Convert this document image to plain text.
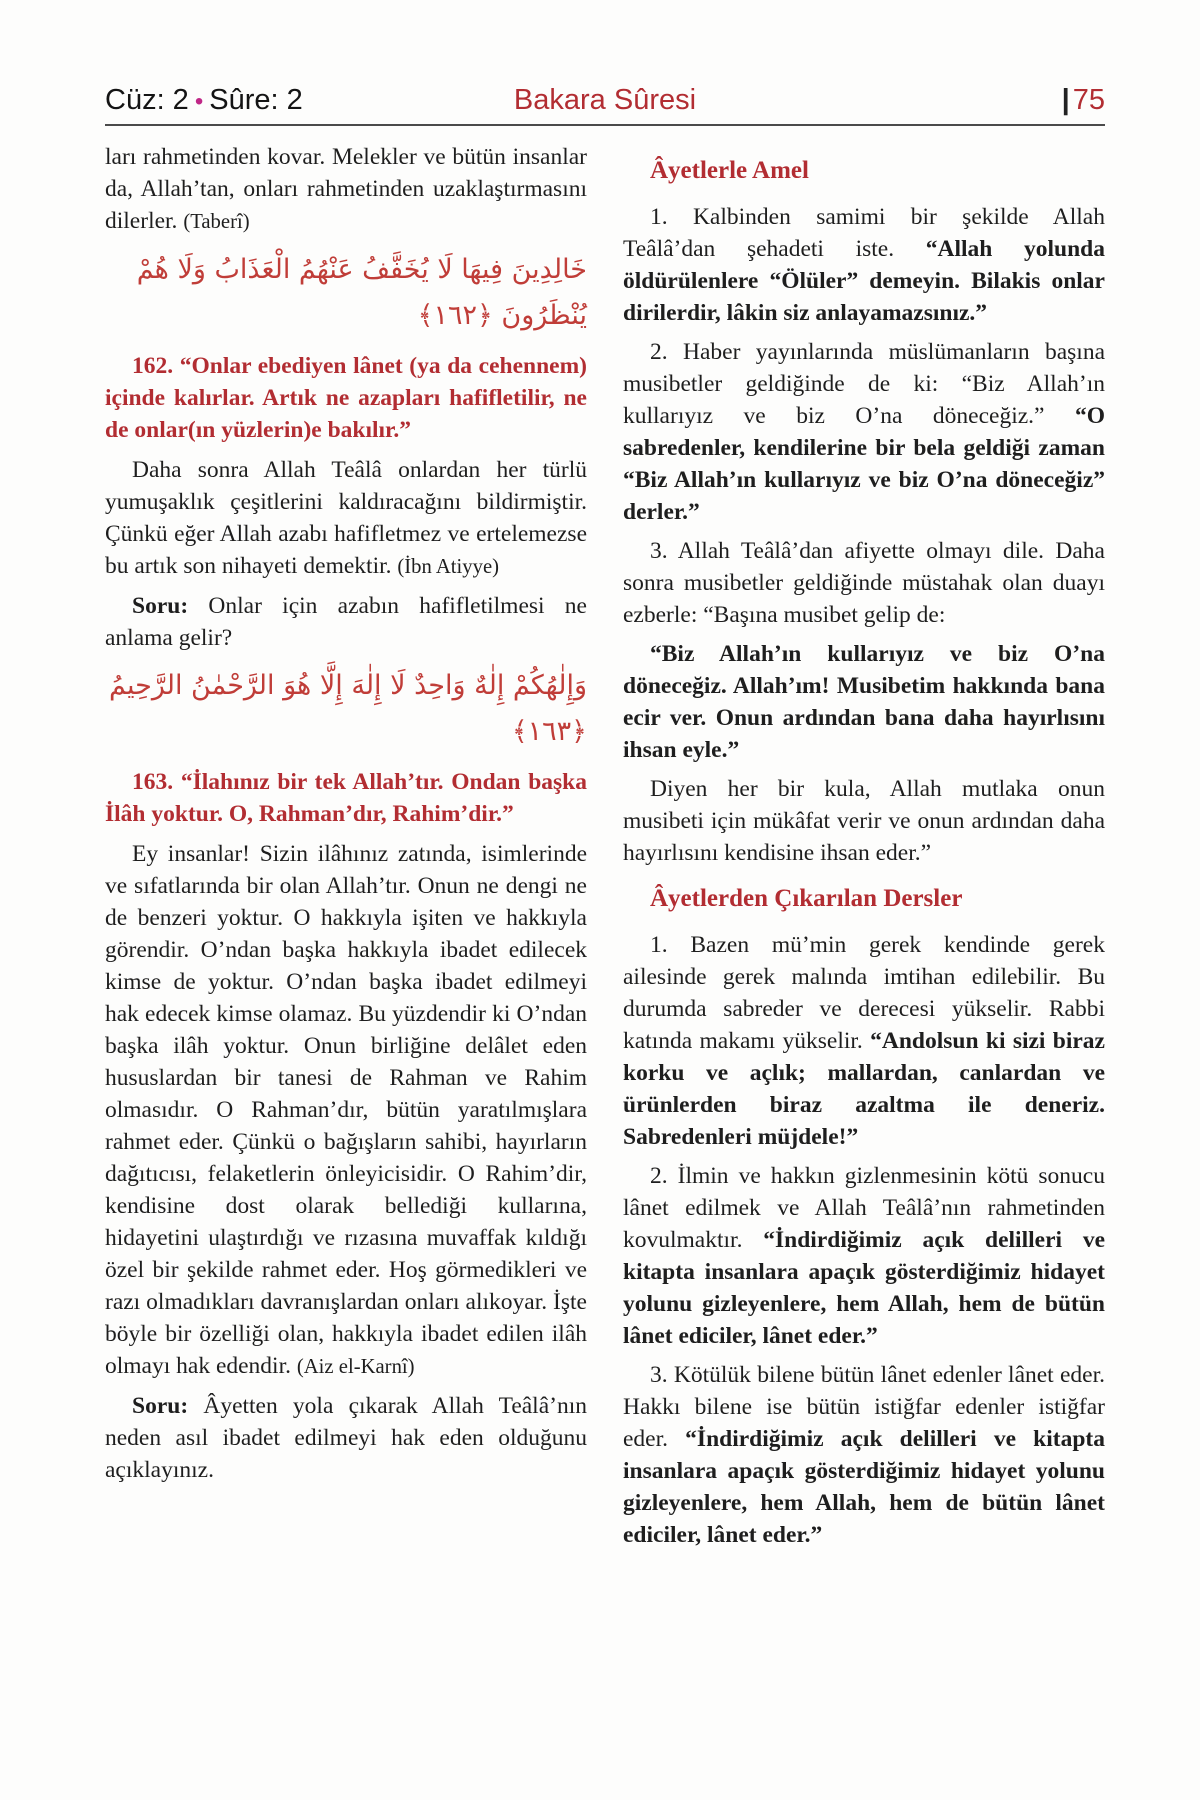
Cüz: 2 • Sûre: 2	Bakara Sûresi	| 75

ları rahmetinden kovar. Melekler ve bütün insanlar da, Allah’tan, onları rahmetinden uzaklaştırmasını dilerler. (Taberî)

خَالِدِينَ فِيهَا لَا يُخَفَّفُ عَنْهُمُ الْعَذَابُ وَلَا هُمْ يُنْظَرُونَ ﴿١٦٢﴾

162. “Onlar ebediyen lânet (ya da cehennem) içinde kalırlar. Artık ne azapları hafifletilir, ne de onlar(ın yüzlerin)e bakılır.”

Daha sonra Allah Teâlâ onlardan her türlü yumuşaklık çeşitlerini kaldıracağını bildirmiştir. Çünkü eğer Allah azabı hafifletmez ve ertelemezse bu artık son nihayeti demektir. (İbn Atiyye)

Soru: Onlar için azabın hafifletilmesi ne anlama gelir?

وَإِلٰهُكُمْ إِلٰهٌ وَاحِدٌ لَا إِلٰهَ إِلَّا هُوَ الرَّحْمٰنُ الرَّحِيمُ ﴿١٦٣﴾

163. “İlahınız bir tek Allah’tır. Ondan başka İlâh yoktur. O, Rahman’dır, Rahim’dir.”

Ey insanlar! Sizin ilâhınız zatında, isimlerinde ve sıfatlarında bir olan Allah’tır. Onun ne dengi ne de benzeri yoktur. O hakkıyla işiten ve hakkıyla görendir. O’ndan başka hakkıyla ibadet edilecek kimse de yoktur. O’ndan başka ibadet edilmeyi hak edecek kimse olamaz. Bu yüzdendir ki O’ndan başka ilâh yoktur. Onun birliğine delâlet eden hususlardan bir tanesi de Rahman ve Rahim olmasıdır. O Rahman’dır, bütün yaratılmışlara rahmet eder. Çünkü o bağışların sahibi, hayırların dağıtıcısı, felaketlerin önleyicisidir. O Rahim’dir, kendisine dost olarak bellediği kullarına, hidayetini ulaştırdığı ve rızasına muvaffak kıldığı özel bir şekilde rahmet eder. Hoş görmedikleri ve razı olmadıkları davranışlardan onları alıkoyar. İşte böyle bir özelliği olan, hakkıyla ibadet edilen ilâh olmayı hak edendir. (Aiz el-Karnî)

Soru: Âyetten yola çıkarak Allah Teâlâ’nın neden asıl ibadet edilmeyi hak eden olduğunu açıklayınız.

Âyetlerle Amel

1. Kalbinden samimi bir şekilde Allah Teâlâ’dan şehadeti iste. “Allah yolunda öldürülenlere “Ölüler” demeyin. Bilakis onlar dirilerdir, lâkin siz anlayamazsınız.”

2. Haber yayınlarında müslümanların başına musibetler geldiğinde de ki: “Biz Allah’ın kullarıyız ve biz O’na döneceğiz.” “O sabredenler, kendilerine bir bela geldiği zaman “Biz Allah’ın kullarıyız ve biz O’na döneceğiz” derler.”

3. Allah Teâlâ’dan afiyette olmayı dile. Daha sonra musibetler geldiğinde müstahak olan duayı ezberle: “Başına musibet gelip de:

“Biz Allah’ın kullarıyız ve biz O’na döneceğiz. Allah’ım! Musibetim hakkında bana ecir ver. Onun ardından bana daha hayırlısını ihsan eyle.”

Diyen her bir kula, Allah mutlaka onun musibeti için mükâfat verir ve onun ardından daha hayırlısını kendisine ihsan eder.”

Âyetlerden Çıkarılan Dersler

1. Bazen mü’min gerek kendinde gerek ailesinde gerek malında imtihan edilebilir. Bu durumda sabreder ve derecesi yükselir. Rabbi katında makamı yükselir. “Andolsun ki sizi biraz korku ve açlık; mallardan, canlardan ve ürünlerden biraz azaltma ile deneriz. Sabredenleri müjdele!”

2. İlmin ve hakkın gizlenmesinin kötü sonucu lânet edilmek ve Allah Teâlâ’nın rahmetinden kovulmaktır. “İndirdiğimiz açık delilleri ve kitapta insanlara apaçık gösterdiğimiz hidayet yolunu gizleyenlere, hem Allah, hem de bütün lânet ediciler, lânet eder.”

3. Kötülük bilene bütün lânet edenler lânet eder. Hakkı bilene ise bütün istiğfar edenler istiğfar eder. “İndirdiğimiz açık delilleri ve kitapta insanlara apaçık gösterdiğimiz hidayet yolunu gizleyenlere, hem Allah, hem de bütün lânet ediciler, lânet eder.”
